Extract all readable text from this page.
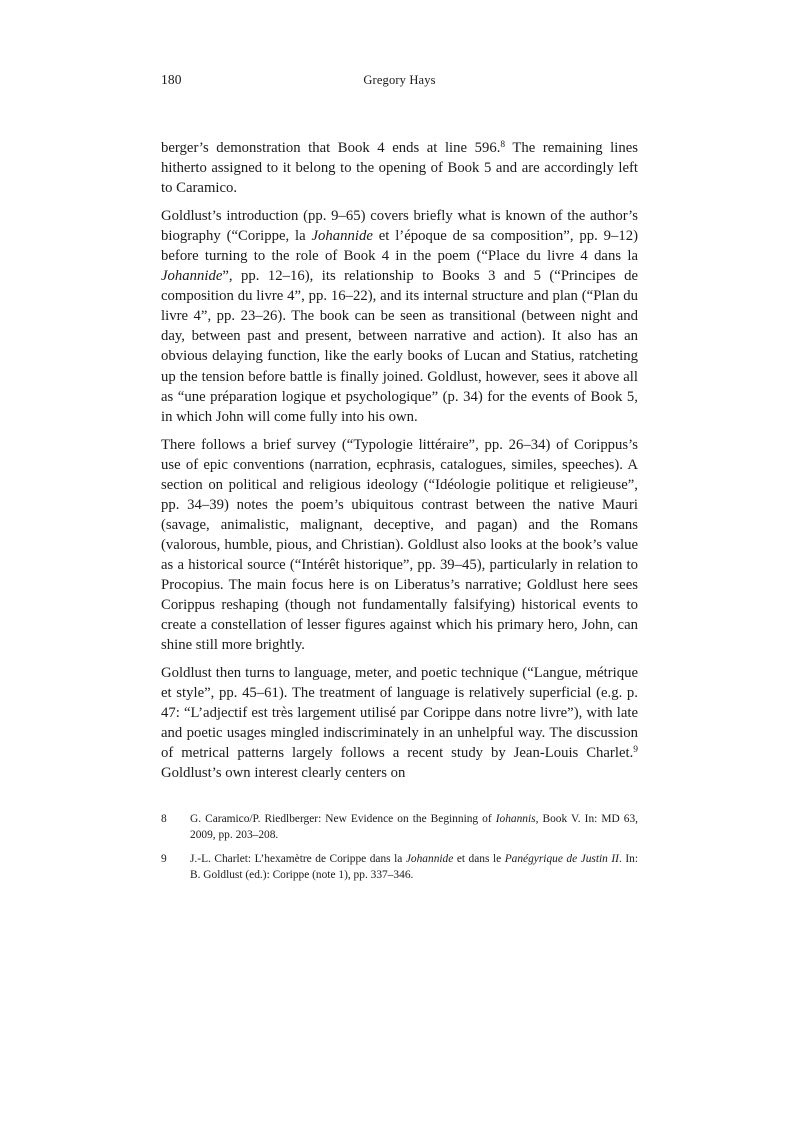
180	Gregory Hays

berger’s demonstration that Book 4 ends at line 596.$^8$ The remaining lines hitherto assigned to it belong to the opening of Book 5 and are accordingly left to Caramico.

Goldlust’s introduction (pp. 9–65) covers briefly what is known of the author’s biography (“Corippe, la Johannide et l’époque de sa composition”, pp. 9–12) before turning to the role of Book 4 in the poem (“Place du livre 4 dans la Johannide”, pp. 12–16), its relationship to Books 3 and 5 (“Principes de composition du livre 4”, pp. 16–22), and its internal structure and plan (“Plan du livre 4”, pp. 23–26). The book can be seen as transitional (between night and day, between past and present, between narrative and action). It also has an obvious delaying function, like the early books of Lucan and Statius, ratcheting up the tension before battle is finally joined. Goldlust, however, sees it above all as “une préparation logique et psychologique” (p. 34) for the events of Book 5, in which John will come fully into his own.

There follows a brief survey (“Typologie littéraire”, pp. 26–34) of Corippus’s use of epic conventions (narration, ecphrasis, catalogues, similes, speeches). A section on political and religious ideology (“Idéologie politique et religieuse”, pp. 34–39) notes the poem’s ubiquitous contrast between the native Mauri (savage, animalistic, malignant, deceptive, and pagan) and the Romans (valorous, humble, pious, and Christian). Goldlust also looks at the book’s value as a historical source (“Intérêt historique”, pp. 39–45), particularly in relation to Procopius. The main focus here is on Liberatus’s narrative; Goldlust here sees Corippus reshaping (though not fundamentally falsifying) historical events to create a constellation of lesser figures against which his primary hero, John, can shine still more brightly.

Goldlust then turns to language, meter, and poetic technique (“Langue, métrique et style”, pp. 45–61). The treatment of language is relatively superficial (e.g. p. 47: “L’adjectif est très largement utilisé par Corippe dans notre livre”), with late and poetic usages mingled indiscriminately in an unhelpful way. The discussion of metrical patterns largely follows a recent study by Jean-Louis Charlet.$^9$ Goldlust’s own interest clearly centers on

8	G. Caramico/P. Riedlberger: New Evidence on the Beginning of Iohannis, Book V. In: MD 63, 2009, pp. 203–208.
9	J.-L. Charlet: L’hexamètre de Corippe dans la Johannide et dans le Panégyrique de Justin II. In: B. Goldlust (ed.): Corippe (note 1), pp. 337–346.
